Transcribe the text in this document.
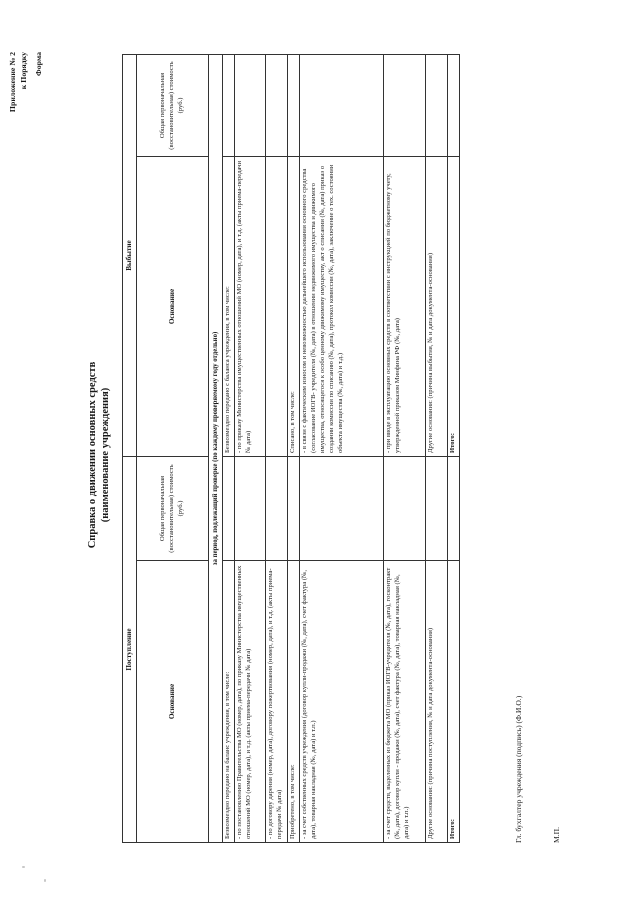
Приложение № 2 к Порядку Форма
Справка о движении основных средств (наименование учреждения)
Поступление		Выбытие	
Основание	Общая первоначальная (восстановительная) стоимость (руб.)	Основание	Общая первоначальная (восстановительная) стоимость (руб.)
за период, подлежащий проверке (по каждому проверяемому году отдельно)			
Безвозмездно передано на баланс учреждения, в том числе:		Безвозмездно передано с баланса учреждения, в том числе:	
- по постановлению Правительства МО (номер, дата), по приказу Министерства имущественных отношений МО (номер, дата), и т.д. (акты приема-передачи № дата)		- по приказу Министерства имущественных отношений МО (номер, дата), и т.д. (акты приема-передачи № дата)	
- по договору дарения (номер, дата), договору пожертвования (номер, дата), и т.д. (акты приема-передачи № дата)			
Приобретено, в том числе:		Списано, в том числе:	
- за счет собственных средств учреждения (договор купли-продажи (№, дата), счет фактура (№, дата), товарная накладная (№, дата) и т.п.)		- в связи с фактическим износом и невозможностью дальнейшего использования основного средства (согласование ИОГВ- учредителя (№, дата) в отношении недвижимого имущества и движимого имущества, относящегося к особо ценному движимому имуществу, акт о списании (№, дата) приказ о создании комиссии по списанию (№, дата), протокол комиссии (№, дата), заключение о тех. состоянии объекта имущества (№, дата) и т.д.)	
- за счет средств, выделенных из бюджета МО (приказ ИОГВ-учредителя (№, дата), госконтракт (№, дата), договор купли - продажи (№, дата), счет фактура (№, дата), товарная накладная (№, дата) и т.п.)		- при вводе в эксплуатацию основных средств в соответствии с инструкцией по бюджетному учету, утвержденной приказом Минфина РФ (№, дата)	
Другие основания: (причина поступления, № и дата документа-основания)		Другие основания: (причина выбытия, № и дата документа-основания)	
Итого:		Итого:	
Гл. бухгалтер учреждения (подпись) (Ф.И.О.)	М.П.
